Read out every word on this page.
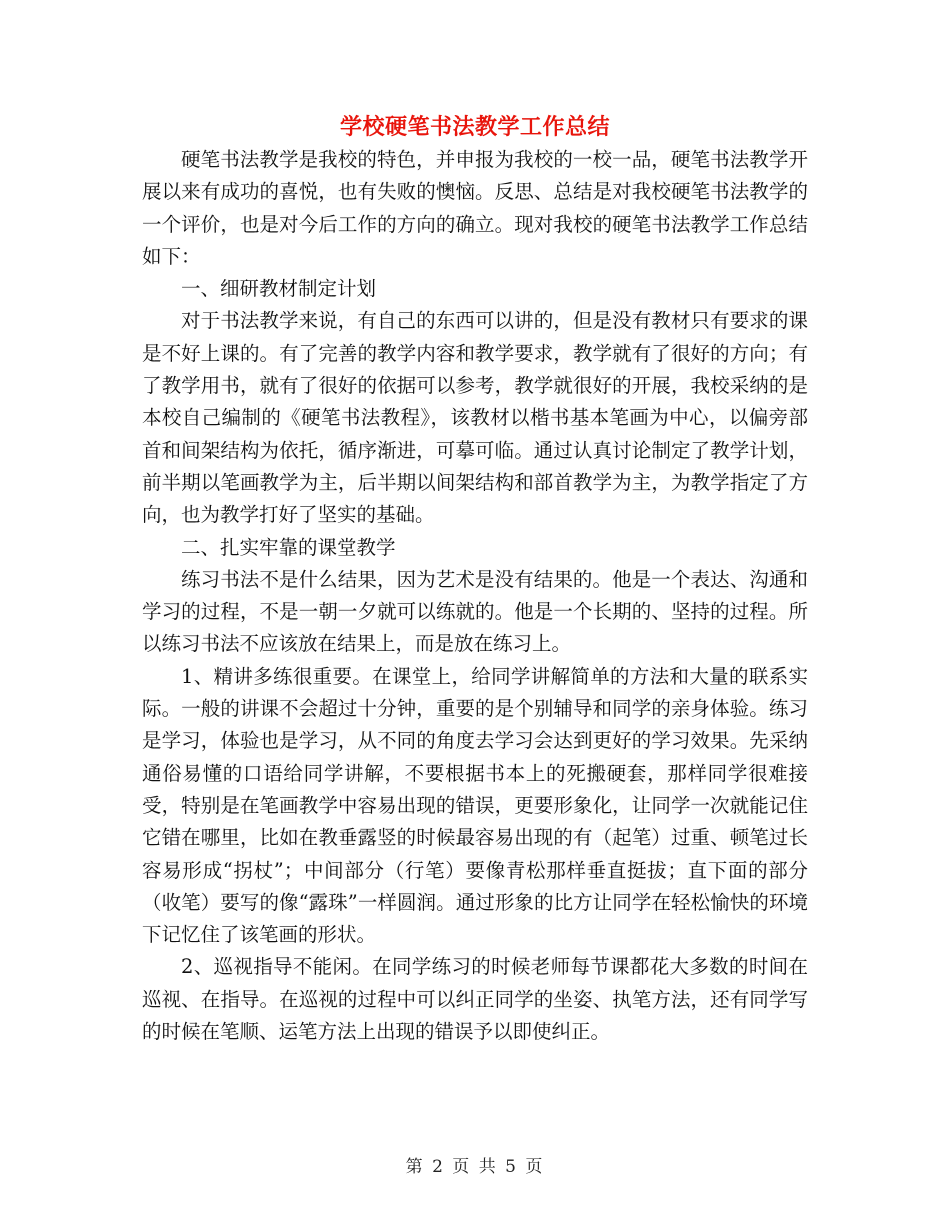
学校硬笔书法教学工作总结

硬笔书法教学是我校的特色，并申报为我校的一校一品，硬笔书法教学开展以来有成功的喜悦，也有失败的懊恼。反思、总结是对我校硬笔书法教学的一个评价，也是对今后工作的方向的确立。现对我校的硬笔书法教学工作总结如下：

一、细研教材制定计划

对于书法教学来说，有自己的东西可以讲的，但是没有教材只有要求的课是不好上课的。有了完善的教学内容和教学要求，教学就有了很好的方向；有了教学用书，就有了很好的依据可以参考，教学就很好的开展，我校采纳的是本校自己编制的《硬笔书法教程》，该教材以楷书基本笔画为中心，以偏旁部首和间架结构为依托，循序渐进，可摹可临。通过认真讨论制定了教学计划，前半期以笔画教学为主，后半期以间架结构和部首教学为主，为教学指定了方向，也为教学打好了坚实的基础。

二、扎实牢靠的课堂教学

练习书法不是什么结果，因为艺术是没有结果的。他是一个表达、沟通和学习的过程，不是一朝一夕就可以练就的。他是一个长期的、坚持的过程。所以练习书法不应该放在结果上，而是放在练习上。

1、精讲多练很重要。在课堂上，给同学讲解简单的方法和大量的联系实际。一般的讲课不会超过十分钟，重要的是个别辅导和同学的亲身体验。练习是学习，体验也是学习，从不同的角度去学习会达到更好的学习效果。先采纳通俗易懂的口语给同学讲解，不要根据书本上的死搬硬套，那样同学很难接受，特别是在笔画教学中容易出现的错误，更要形象化，让同学一次就能记住它错在哪里，比如在教垂露竖的时候最容易出现的有（起笔）过重、顿笔过长容易形成“拐杖”；中间部分（行笔）要像青松那样垂直挺拔；直下面的部分（收笔）要写的像“露珠”一样圆润。通过形象的比方让同学在轻松愉快的环境下记忆住了该笔画的形状。

2、巡视指导不能闲。在同学练习的时候老师每节课都花大多数的时间在巡视、在指导。在巡视的过程中可以纠正同学的坐姿、执笔方法，还有同学写的时候在笔顺、运笔方法上出现的错误予以即使纠正。

第 2 页 共 5 页
